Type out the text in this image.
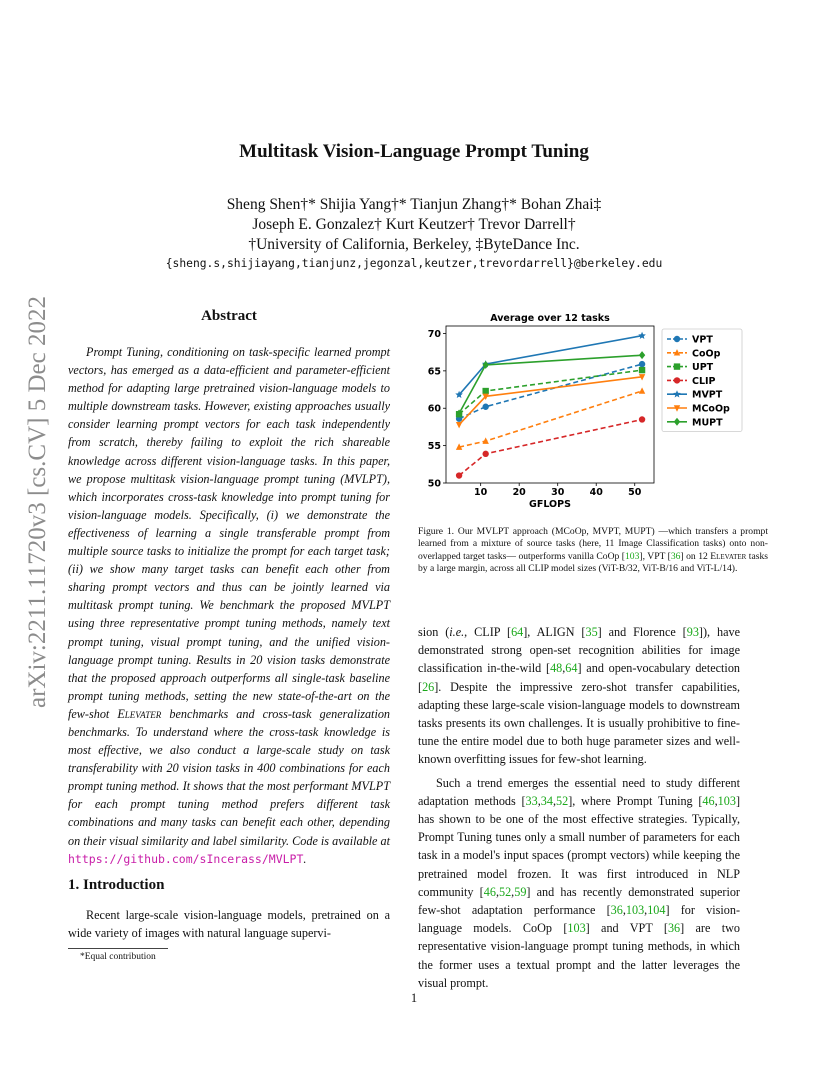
Multitask Vision-Language Prompt Tuning
Sheng Shen†* Shijia Yang†* Tianjun Zhang†* Bohan Zhai‡
Joseph E. Gonzalez† Kurt Keutzer† Trevor Darrell†
†University of California, Berkeley, ‡ByteDance Inc.
{sheng.s,shijiayang,tianjunz,jegonzal,keutzer,trevordarrell}@berkeley.edu
arXiv:2211.11720v3 [cs.CV] 5 Dec 2022	Abstract
Prompt Tuning, conditioning on task-specific learned prompt vectors, has emerged as a data-efficient and parameter-efficient method for adapting large pretrained vision-language models to multiple downstream tasks. However, existing approaches usually consider learning prompt vectors for each task independently from scratch, thereby failing to exploit the rich shareable knowledge across different vision-language tasks. In this paper, we propose multitask vision-language prompt tuning (MVLPT), which incorporates cross-task knowledge into prompt tuning for vision-language models. Specifically, (i) we demonstrate the effectiveness of learning a single transferable prompt from multiple source tasks to initialize the prompt for each target task; (ii) we show many target tasks can benefit each other from sharing prompt vectors and thus can be jointly learned via multitask prompt tuning. We benchmark the proposed MVLPT using three representative prompt tuning methods, namely text prompt tuning, visual prompt tuning, and the unified vision-language prompt tuning. Results in 20 vision tasks demonstrate that the proposed approach outperforms all single-task baseline prompt tuning methods, setting the new state-of-the-art on the few-shot Elevater benchmarks and cross-task generalization benchmarks. To understand where the cross-task knowledge is most effective, we also conduct a large-scale study on task transferability with 20 vision tasks in 400 combinations for each prompt tuning method. It shows that the most performant MVLPT for each prompt tuning method prefers different task combinations and many tasks can benefit each other, depending on their visual similarity and label similarity. Code is available at https://github.com/sIncerass/MVLPT.
1. Introduction
Recent large-scale vision-language models, pretrained on a wide variety of images with natural language supervi-
*Equal contribution
Average over 12 tasks
10	20	30	40	50
50
55
60
65
70
GFLOPS
VPT
CoOp
UPT
CLIP
MVPT
MCoOp
MUPT
Figure 1. Our MVLPT approach (MCoOp, MVPT, MUPT) —which transfers a prompt learned from a mixture of source tasks (here, 11 Image Classification tasks) onto non-overlapped target tasks— outperforms vanilla CoOp [103], VPT [36] on 12 Elevater tasks by a large margin, across all CLIP model sizes (ViT-B/32, ViT-B/16 and ViT-L/14).

sion (i.e., CLIP [64], ALIGN [35] and Florence [93]), have demonstrated strong open-set recognition abilities for image classification in-the-wild [48,64] and open-vocabulary detection [26]. Despite the impressive zero-shot transfer capabilities, adapting these large-scale vision-language models to downstream tasks presents its own challenges. It is usually prohibitive to fine-tune the entire model due to both huge parameter sizes and well-known overfitting issues for few-shot learning.

Such a trend emerges the essential need to study different adaptation methods [33,34,52], where Prompt Tuning [46,103] has shown to be one of the most effective strategies. Typically, Prompt Tuning tunes only a small number of parameters for each task in a model's input spaces (prompt vectors) while keeping the pretrained model frozen. It was first introduced in NLP community [46,52,59] and has recently demonstrated superior few-shot adaptation performance [36,103,104] for vision-language models. CoOp [103] and VPT [36] are two representative vision-language prompt tuning methods, in which the former uses a textual prompt and the latter leverages the visual prompt.

1
